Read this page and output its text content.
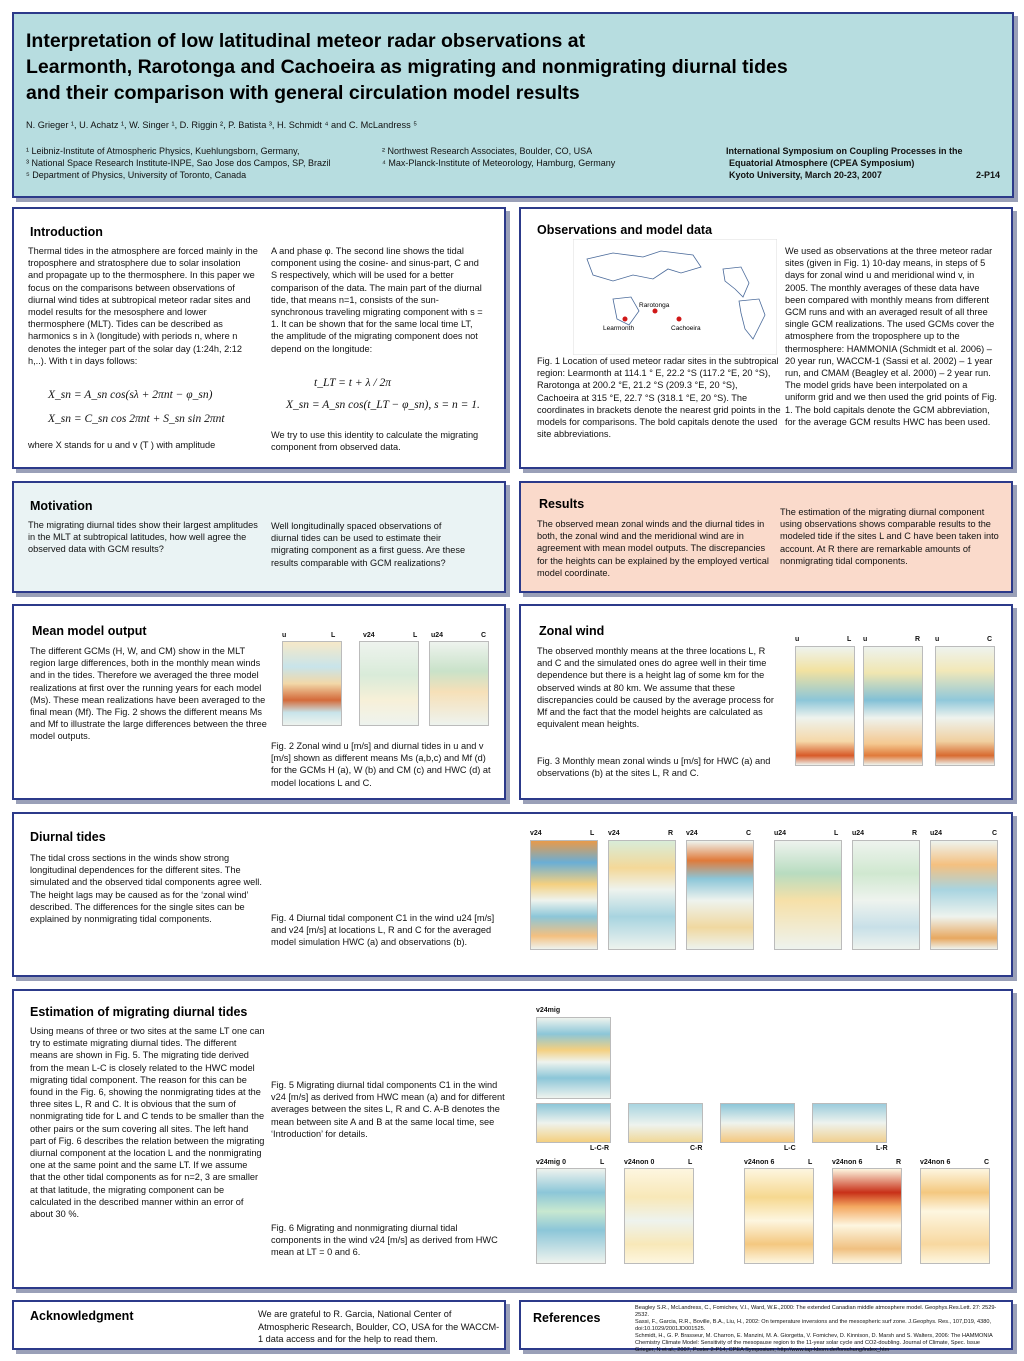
Interpretation of low latitudinal meteor radar observations at
Learmonth, Rarotonga and Cachoeira as migrating and nonmigrating diurnal tides
and their comparison with general circulation model results
N. Grieger ¹, U. Achatz ¹, W. Singer ¹, D. Riggin ², P. Batista ³, H. Schmidt ⁴ and C. McLandress ⁵
¹ Leibniz-Institute of Atmospheric Physics, Kuehlungsborn, Germany,	² Northwest Research Associates, Boulder, CO, USA
³ National Space Research Institute-INPE, Sao Jose dos Campos, SP, Brazil	⁴ Max-Planck-Institute of Meteorology, Hamburg, Germany
⁵ Department of Physics, University of Toronto, Canada
International Symposium on Coupling Processes in the
Equatorial Atmosphere (CPEA Symposium)
Kyoto University, March 20-23, 2007	2-P14
Introduction
Thermal tides in the atmosphere are forced mainly in the troposphere and stratosphere due to solar insolation and propagate up to the thermosphere. In this paper we focus on the comparisons between observations of diurnal wind tides at subtropical meteor radar sites and model results for the mesosphere and lower thermosphere (MLT). Tides can be described as harmonics s in λ (longitude) with periods n, where n denotes the integer part of the solar day (1:24h, 2:12 h,..). With t in days follows:
X_sn = A_sn cos(sλ + 2πnt − φ_sn)
X_sn = C_sn cos 2πnt + S_sn sin 2πnt
where X stands for u and v (T ) with amplitude
A and phase φ. The second line shows the tidal component using the cosine- and sinus-part, C and S respectively, which will be used for a better comparison of the data. The main part of the diurnal tide, that means n=1, consists of the sun-synchronous traveling migrating component with s = 1. It can be shown that for the same local time LT, the amplitude of the migrating component does not depend on the longitude:
t_LT = t + λ / 2π
X_sn = A_sn cos(t_LT − φ_sn), s = n = 1.
We try to use this identity to calculate the migrating component from observed data.
Observations and model data
Rarotonga
Learmonth	Cachoeira
Fig. 1 Location of used meteor radar sites in the subtropical region: Learmonth at 114.1 ° E, 22.2 °S (117.2 °E, 20 °S), Rarotonga at 200.2 °E, 21.2 °S (209.3 °E, 20 °S), Cachoeira at 315 °E, 22.7 °S (318.1 °E, 20 °S). The coordinates in brackets denote the nearest grid points in the models for comparisons. The bold capitals denote the used site abbreviations.
We used as observations at the three meteor radar sites (given in Fig. 1) 10-day means, in steps of 5 days for zonal wind u and meridional wind v, in 2005. The monthly averages of these data have been compared with monthly means from different GCM runs and with an averaged result of all three single GCM realizations. The used GCMs cover the atmosphere from the troposphere up to the thermosphere: HAMMONIA (Schmidt et al. 2006) – 20 year run, WACCM-1 (Sassi et al. 2002) – 1 year run, and CMAM (Beagley et al. 2000) – 2 year run. The model grids have been interpolated on a uniform grid and we then used the grid points of Fig. 1. The bold capitals denote the GCM abbreviation, for the average GCM results HWC has been used.
Motivation
The migrating diurnal tides show their largest amplitudes in the MLT at subtropical latitudes, how well agree the observed data with GCM results?
Well longitudinally spaced observations of diurnal tides can be used to estimate their migrating component as a first guess. Are these results comparable with GCM realizations?
Results
The observed mean zonal winds and the diurnal tides in both, the zonal wind and the meridional wind are in agreement with mean model outputs. The discrepancies for the heights can be explained by the employed vertical model coordinate.
The estimation of the migrating diurnal component using observations shows comparable results to the modeled tide if the sites L and C have been taken into account. At R there are remarkable amounts of nonmigrating tidal components.
Mean model output
The different GCMs (H, W, and CM) show in the MLT region large differences, both in the monthly mean winds and in the tides. Therefore we averaged the three model realizations at first over the running years for each model (Ms). These mean realizations have been averaged to the final mean (Mf). The Fig. 2 shows the different means Ms and Mf to illustrate the large differences between the three model outputs.
u	L	v24	L u24	C
Fig. 2 Zonal wind u [m/s] and diurnal tides in u and v [m/s] shown as different means Ms (a,b,c) and Mf (d) for the GCMs H (a), W (b) and CM (c) and HWC (d) at model locations L and C.
Zonal wind
The observed monthly means at the three locations L, R and C and the simulated ones do agree well in their time dependence but there is a height lag of some km for the observed winds at 80 km. We assume that these discrepancies could be caused by the average process for Mf and the fact that the model heights are calculated as equivalent mean heights.
Fig. 3 Monthly mean zonal winds u [m/s] for HWC (a) and observations (b) at the sites L, R and C.
u	L u	R u	C
Diurnal tides
The tidal cross sections in the winds show strong longitudinal dependences for the different sites. The simulated and the observed tidal components agree well. The height lags may be caused as for the ‘zonal wind’ described. The differences for the single sites can be explained by nonmigrating tidal components.	Fig. 4 Diurnal tidal component C1 in the wind u24 [m/s] and v24 [m/s] at locations L, R and C for the averaged model simulation HWC (a) and observations (b).
v24	L v24	R v24	C	u24	L u24	R u24	C
Estimation of migrating diurnal tides
Using means of three or two sites at the same LT one can try to estimate migrating diurnal tides. The different means are shown in Fig. 5. The migrating tide derived from the mean L-C is closely related to the HWC model migrating tidal component. The reason for this can be found in the Fig. 6, showing the nonmigrating tides at the three sites L, R and C. It is obvious that the sum of nonmigrating tide for L and C tends to be smaller than the other pairs or the sum covering all sites. The left hand part of Fig. 6 describes the relation between the migrating diurnal component at the location L and the nonmigrating one at the same point and the same LT. If we assume that the other tidal components as for n=2, 3 are smaller at that latitude, the migrating component can be calculated in the described manner within an error of about 30 %.
Fig. 5 Migrating diurnal tidal components C1 in the wind v24 [m/s] as derived from HWC mean (a) and for different averages between the sites L, R and C. A-B denotes the mean between site A and B at the same local time, see ‘Introduction’ for details.
Fig. 6 Migrating and nonmigrating diurnal tidal components in the wind v24 [m/s] as derived from HWC mean at LT = 0 and 6.
v24mig
L-C-R	C-R	L-C	L-R
v24mig 0	L	v24non 0	L	v24non 6	L	v24non 6	R	v24non 6	C
Acknowledgment	We are grateful to R. Garcia, National Center of Atmospheric Research, Boulder, CO, USA for the WACCM-1 data access and for the help to read them.
References
Beagley S.R., McLandress, C., Fomichev, V.I., Ward, W.E.,2000: The extended Canadian middle atmosphere model. Geophys.Res.Lett. 27: 2529-2532.
Sassi, F., Garcia, R.R., Boville, B.A., Liu, H., 2002: On temperature inversions and the mesospheric surf zone. J.Geophys. Res., 107,D19, 4380, doi:10.1029/2001JD001525.
Schmidt, H., G. P. Brasseur, M. Charron, E. Manzini, M. A. Giorgetta, V. Fomichev, D. Kinnison, D. Marsh and S. Walters, 2006: The HAMMONIA Chemistry Climate Model: Sensitivity of the mesopause region to the 11-year solar cycle and CO2-doubling. Journal of Climate, Spec. Issue
Grieger, N et al., 2007, Poster 2-P14, CPEA Symposium; http://www.iap-kborn.de/forschung/index_htm
